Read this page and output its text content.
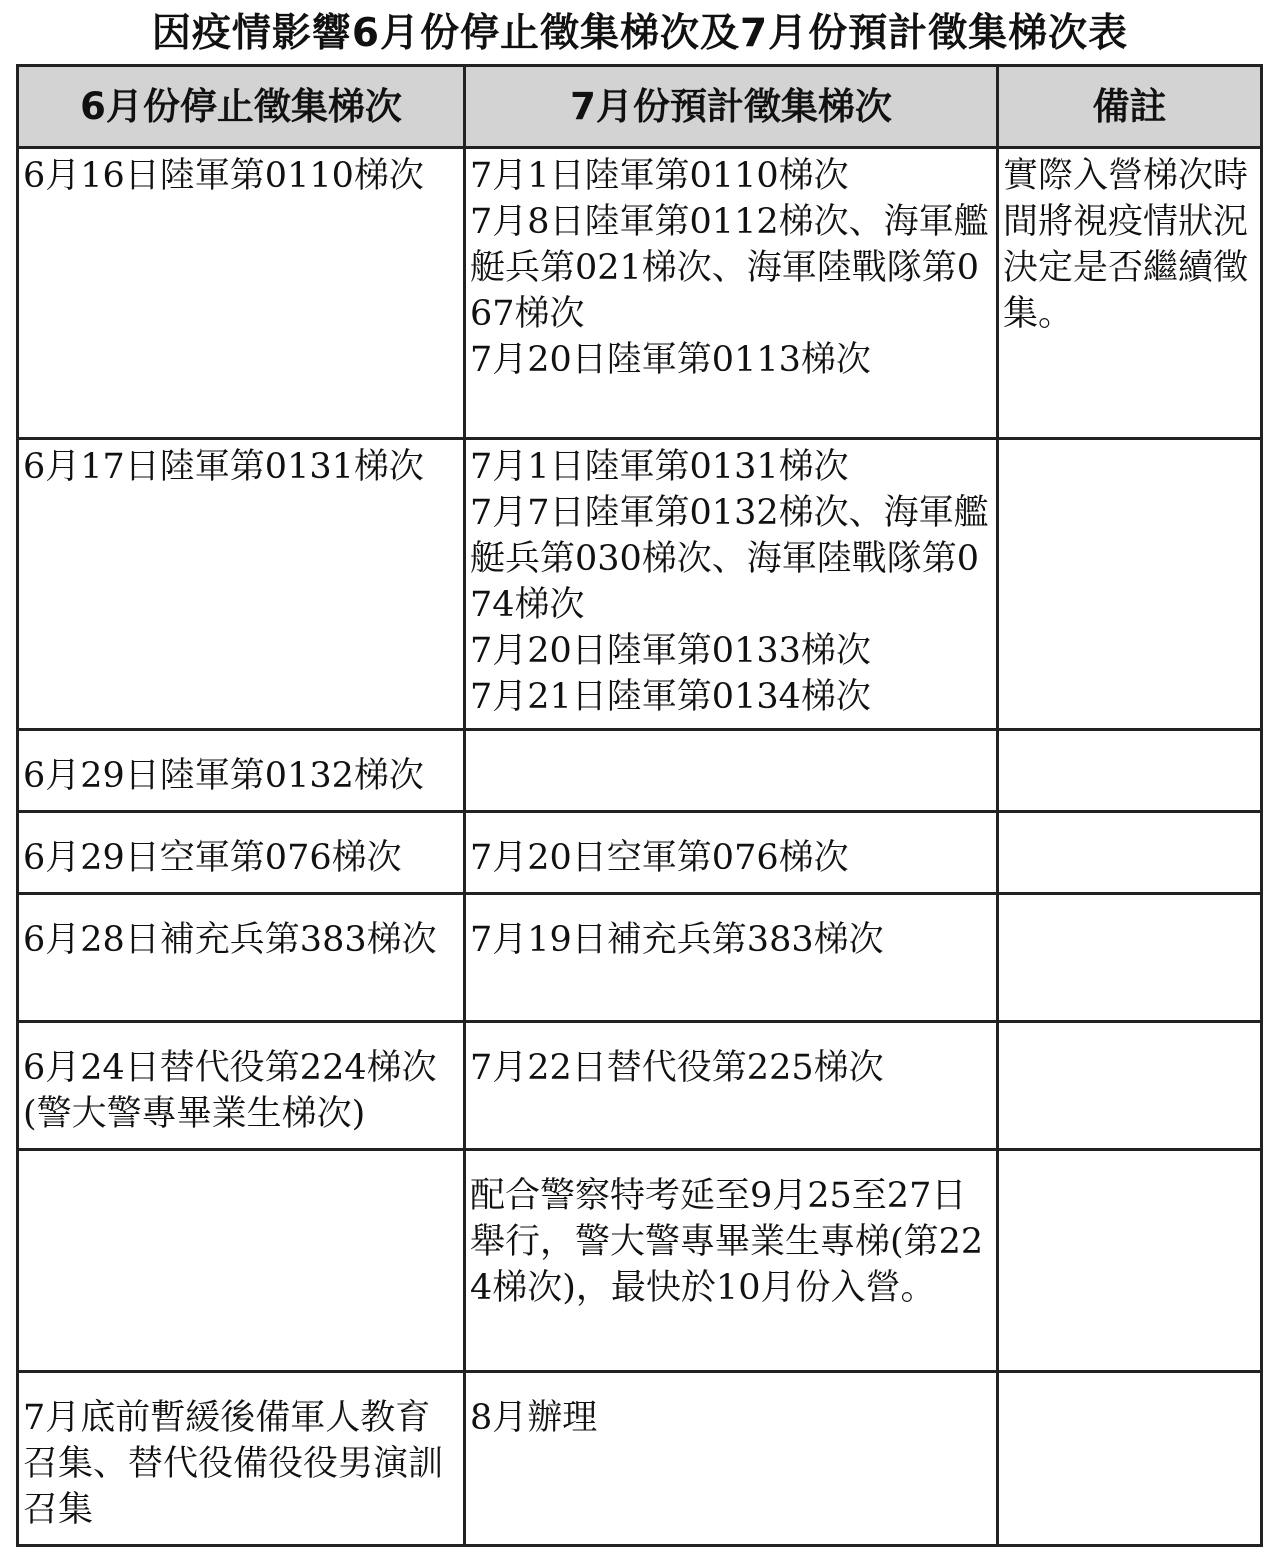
因疫情影響6月份停止徵集梯次及7月份預計徵集梯次表
6月份停止徵集梯次	7月份預計徵集梯次	備註

6月16日陸軍第0110梯次	7月1日陸軍第0110梯次
7月8日陸軍第0112梯次、海軍艦艇兵第021梯次、海軍陸戰隊第067梯次
7月20日陸軍第0113梯次	實際入營梯次時間將視疫情狀況決定是否繼續徵集。

6月17日陸軍第0131梯次	7月1日陸軍第0131梯次
7月7日陸軍第0132梯次、海軍艦艇兵第030梯次、海軍陸戰隊第074梯次
7月20日陸軍第0133梯次
7月21日陸軍第0134梯次	

6月29日陸軍第0132梯次		

6月29日空軍第076梯次	7月20日空軍第076梯次	

6月28日補充兵第383梯次	7月19日補充兵第383梯次	

6月24日替代役第224梯次(警大警專畢業生梯次)	7月22日替代役第225梯次	

	配合警察特考延至9月25至27日舉行，警大警專畢業生專梯(第224梯次)，最快於10月份入營。	

7月底前暫緩後備軍人教育召集、替代役備役役男演訓召集	8月辦理	
